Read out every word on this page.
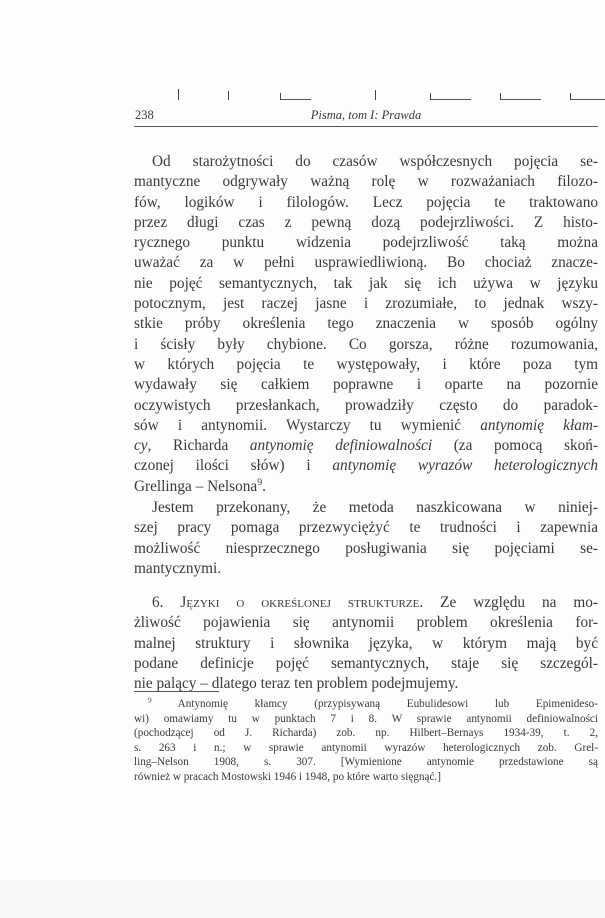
238	Pisma, tom I: Prawda
Od starożytności do czasów współczesnych pojęcia se-
mantyczne odgrywały ważną rolę w rozważaniach filozo-
fów, logików i filologów. Lecz pojęcia te traktowano
przez długi czas z pewną dozą podejrzliwości. Z histo-
rycznego punktu widzenia podejrzliwość taką można
uważać za w pełni usprawiedliwioną. Bo chociaż znacze-
nie pojęć semantycznych, tak jak się ich używa w języku
potocznym, jest raczej jasne i zrozumiałe, to jednak wszy-
stkie próby określenia tego znaczenia w sposób ogólny
i ścisły były chybione. Co gorsza, różne rozumowania,
w których pojęcia te występowały, i które poza tym
wydawały się całkiem poprawne i oparte na pozornie
oczywistych przesłankach, prowadziły często do paradok-
sów i antynomii. Wystarczy tu wymienić antynomię kłam-
cy, Richarda antynomię definiowalności (za pomocą skoń-
czonej ilości słów) i antynomię wyrazów heterologicznych
Grellinga – Nelsona$^9$.
Jestem przekonany, że metoda naszkicowana w niniej-
szej pracy pomaga przezwyciężyć te trudności i zapewnia
możliwość niesprzecznego posługiwania się pojęciami se-
mantycznymi.
6. Języki o określonej strukturze. Ze względu na mo-
żliwość pojawienia się antynomii problem określenia for-
malnej struktury i słownika języka, w którym mają być
podane definicje pojęć semantycznych, staje się szczegól-
nie palący – dlatego teraz ten problem podejmujemy.
$^9$ Antynomię kłamcy (przypisywaną Eubulidesowi lub Epimenideso-
wi) omawiamy tu w punktach 7 i 8. W sprawie antynomii definiowalności
(pochodzącej od J. Richarda) zob. np. Hilbert–Bernays 1934-39, t. 2,
s. 263 i n.; w sprawie antynomii wyrazów heterologicznych zob. Grel-
ling–Nelson 1908, s. 307. [Wymienione antynomie przedstawione są
również w pracach Mostowski 1946 i 1948, po które warto sięgnąć.]
